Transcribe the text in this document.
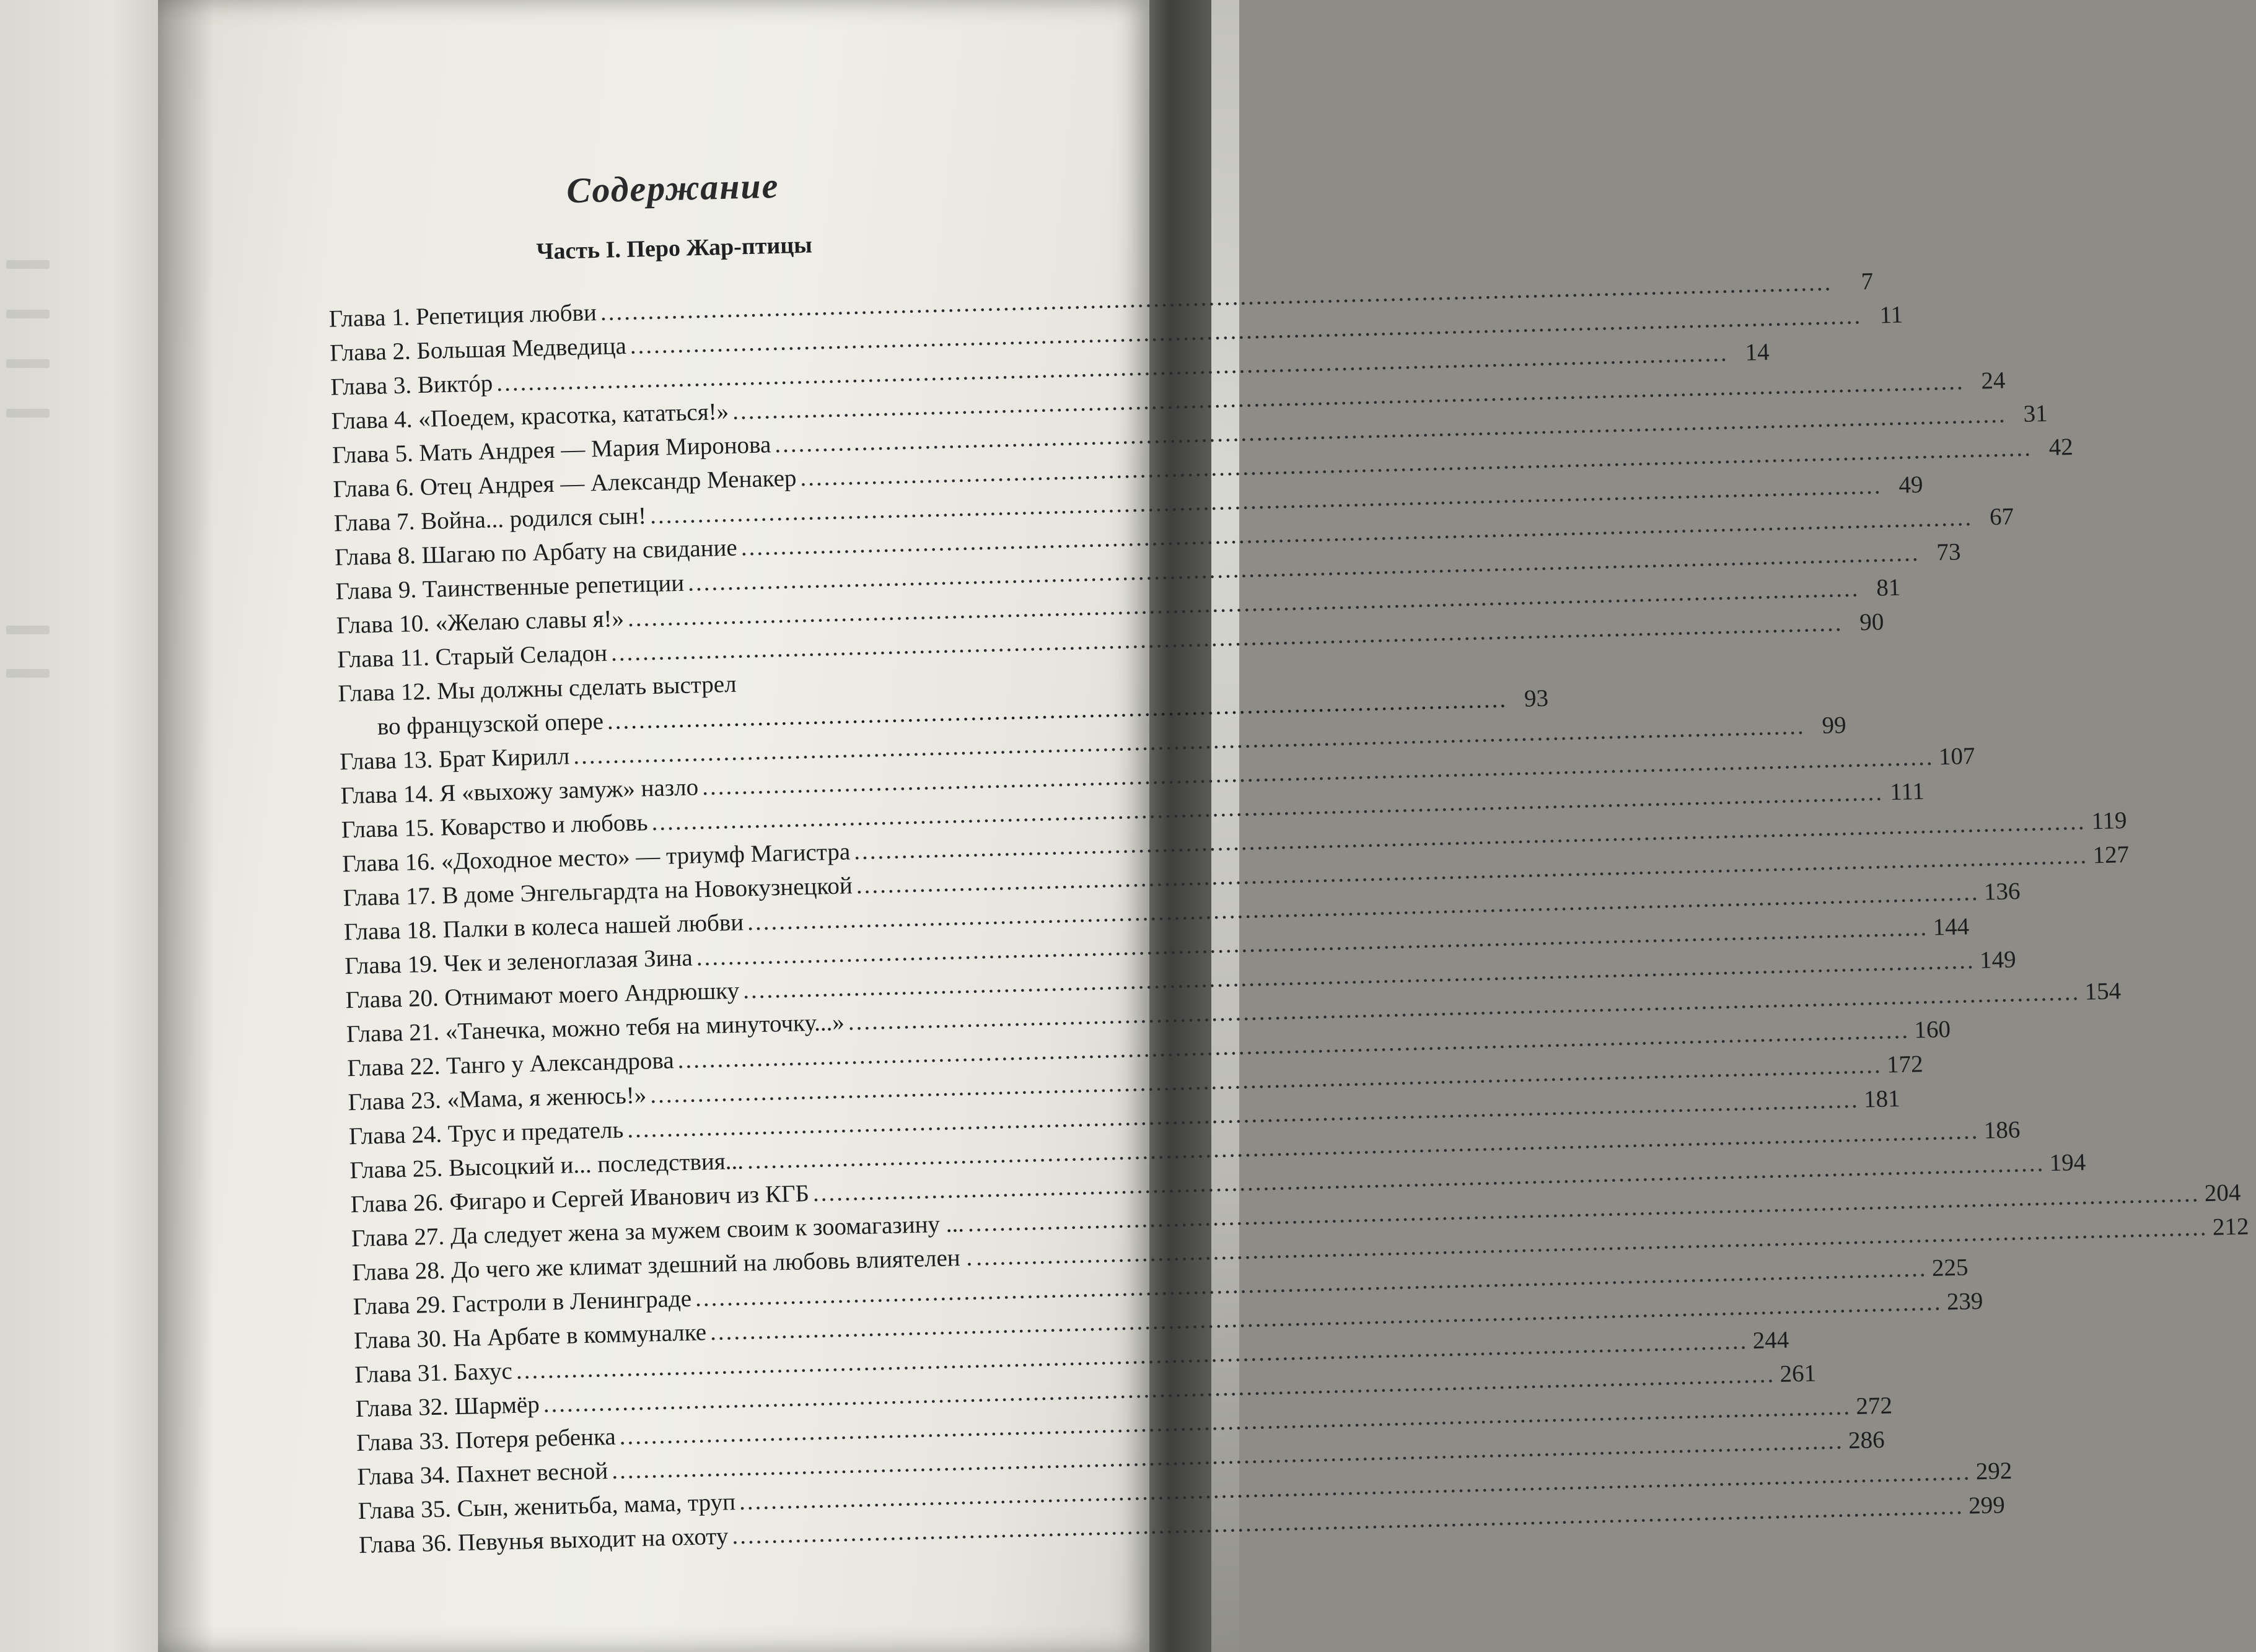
Содержание
Часть I. Перо Жар-птицы
Глава 1. Репетиция любви
.....
7
Глава 2. Большая Медведица
.....
11
Глава 3. Виктóр
.....
14
Глава 4. «Поедем, красотка, кататься!»
.....
24
Глава 5. Мать Андрея — Мария Миронова
.....
31
Глава 6. Отец Андрея — Александр Менакер
.....
42
Глава 7. Война... родился сын!
.....
49
Глава 8. Шагаю по Арбату на свидание
.....
67
Глава 9. Таинственные репетиции
.....
73
Глава 10. «Желаю славы я!»
.....
81
Глава 11. Старый Селадон
.....
90
Глава 12. Мы должны сделать выстрел
во французской опере .................................................................................................................. 93
Глава 13. Брат Кирилл
.....
99
Глава 14. Я «выхожу замуж» назло
.....
107
Глава 15. Коварство и любовь
.....
111
Глава 16. «Доходное место» — триумф Магистра
.....
119
Глава 17. В доме Энгельгардта на Новокузнецкой
.....
127
Глава 18. Палки в колеса нашей любви
.....
136
Глава 19. Чек и зеленоглазая Зина
.....
144
Глава 20. Отнимают моего Андрюшку
.....
149
Глава 21. «Танечка, можно тебя на минуточку...»
.....
154
Глава 22. Танго у Александрова
.....
160
Глава 23. «Мама, я женюсь!»
.....
172
Глава 24. Трус и предатель
.....
181
Глава 25. Высоцкий и... последствия...
.....
186
Глава 26. Фигаро и Сергей Иванович из КГБ
.....
194
Глава 27. Да следует жена за мужем своим к зоомагазину ...
.....
204
Глава 28. До чего же климат здешний на любовь влиятелен .
.....
212
Глава 29. Гастроли в Ленинграде
.....
225
Глава 30. На Арбате в коммуналке
.....
239
Глава 31. Бахус
.....
244
Глава 32. Шармёр
.....
261
Глава 33. Потеря ребенка
.....
272
Глава 34. Пахнет весной
.....
286
Глава 35. Сын, женитьба, мама, труп
.....
292
Глава 36. Певунья выходит на охоту
.....
299
